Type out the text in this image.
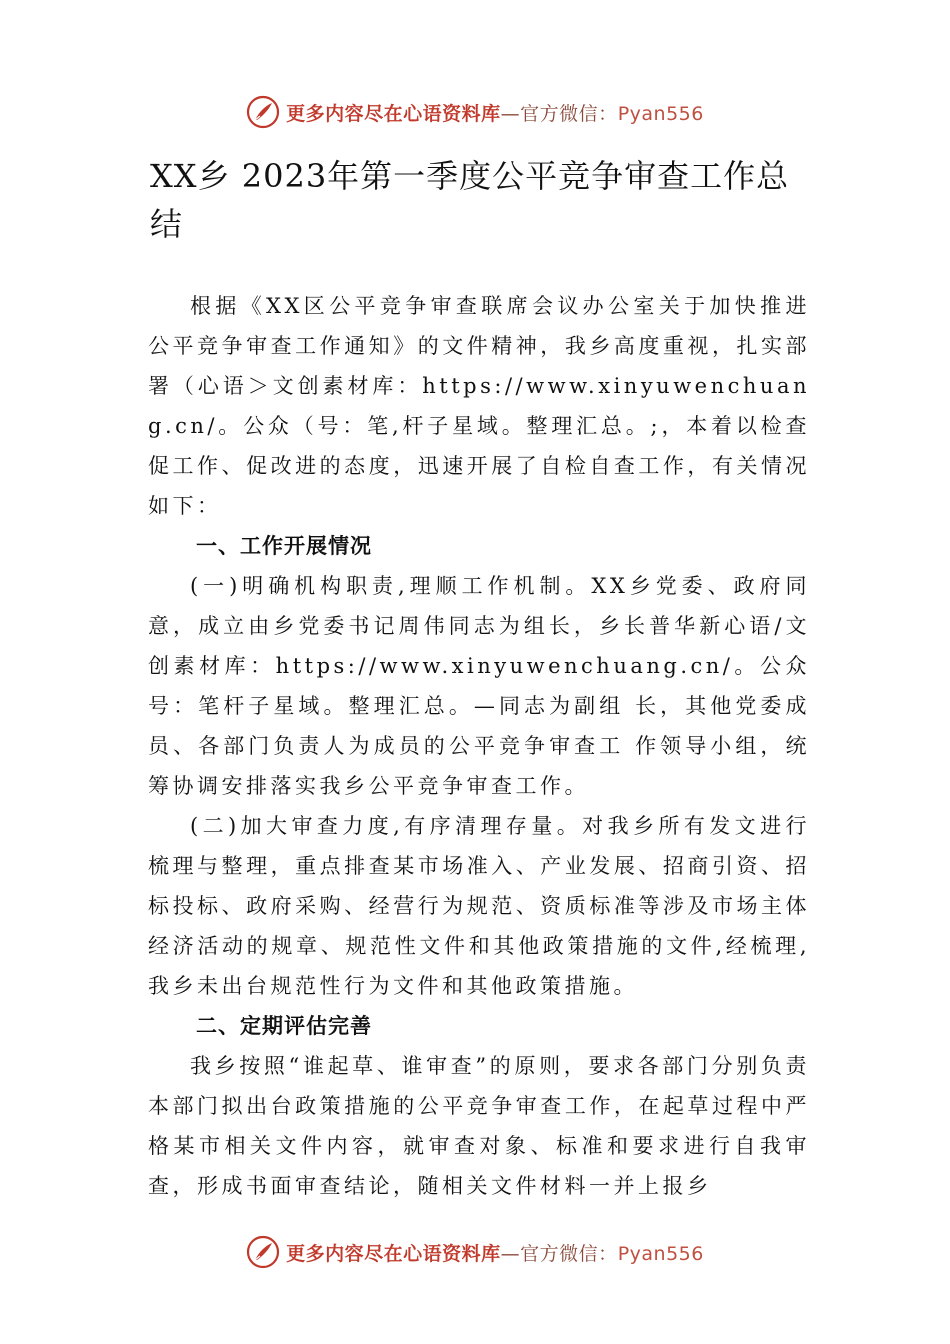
更多内容尽在心语资料库—官方微信：Pyan556
XX乡 2023年第一季度公平竞争审查工作总结

根据《XX区公平竞争审查联席会议办公室关于加快推进公平竞争审查工作通知》的文件精神，我乡高度重视，扎实部署（心语＞文创素材库：https://www.xinyuwenchuang.cn/。公众（号：笔,杆子星域。整理汇总。;，本着以检查促工作、促改进的态度，迅速开展了自检自查工作，有关情况如下：

一、工作开展情况

(一)明确机构职责,理顺工作机制。XX乡党委、政府同意，成立由乡党委书记周伟同志为组长，乡长普华新心语/文创素材库：https://www.xinyuwenchuang.cn/。公众号：笔杆子星域。整理汇总。—同志为副组 长，其他党委成员、各部门负责人为成员的公平竞争审查工 作领导小组，统筹协调安排落实我乡公平竞争审查工作。

(二)加大审查力度,有序清理存量。对我乡所有发文进行梳理与整理，重点排查某市场准入、产业发展、招商引资、招标投标、政府采购、经营行为规范、资质标准等涉及市场主体经济活动的规章、规范性文件和其他政策措施的文件,经梳理,我乡未出台规范性行为文件和其他政策措施。

二、定期评估完善

我乡按照“谁起草、谁审查”的原则，要求各部门分别负责本部门拟出台政策措施的公平竞争审查工作，在起草过程中严格某市相关文件内容，就审查对象、标准和要求进行自我审查，形成书面审查结论，随相关文件材料一并上报乡

更多内容尽在心语资料库—官方微信：Pyan556
